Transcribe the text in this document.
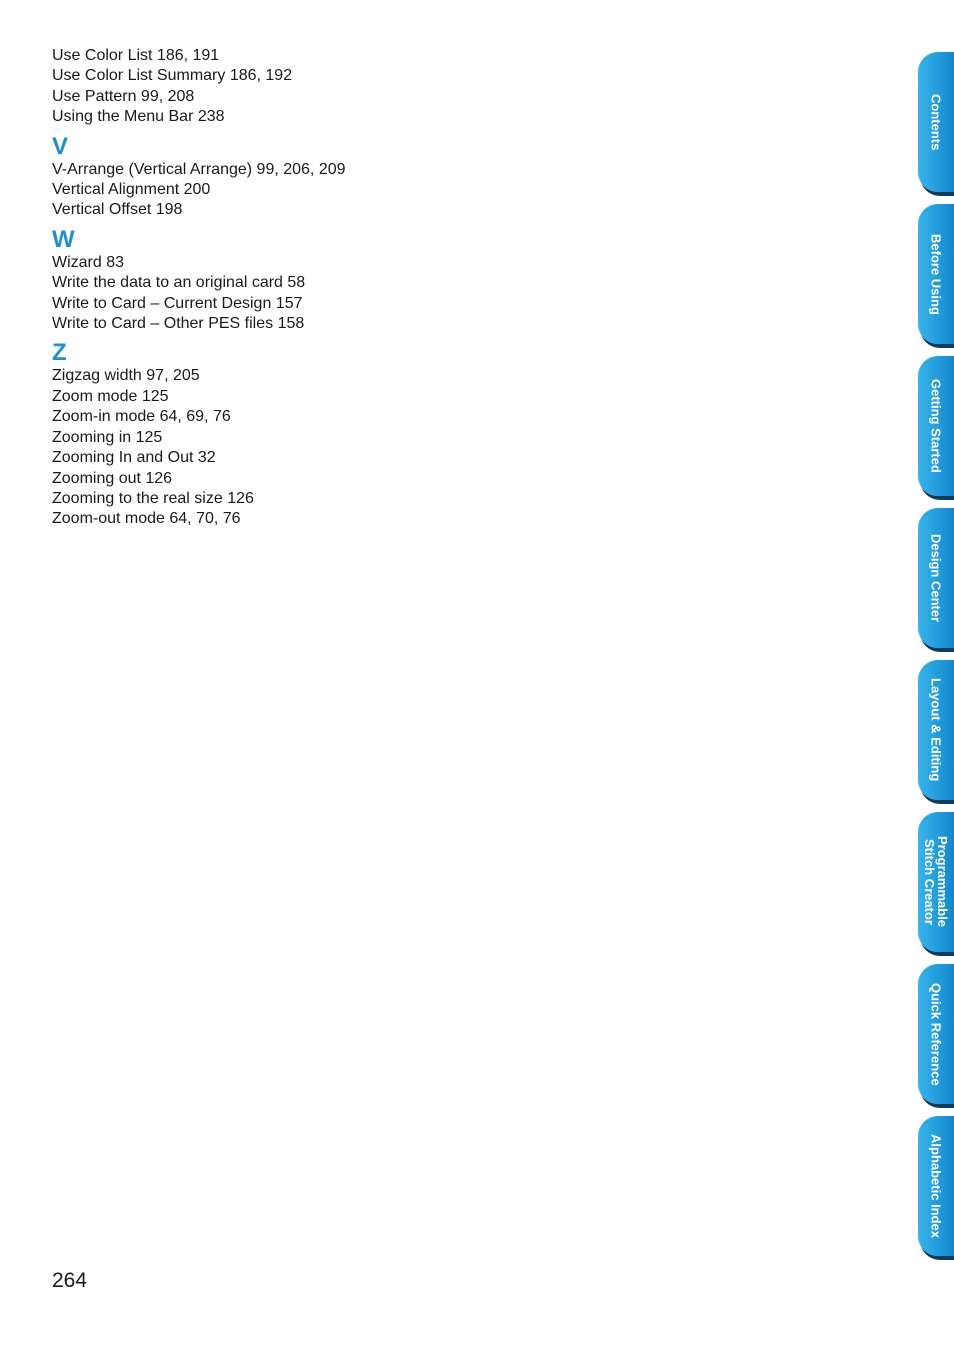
Use Color List 186, 191

Use Color List Summary 186, 192

Use Pattern 99, 208

Using the Menu Bar 238

V

V-Arrange (Vertical Arrange) 99, 206, 209

Vertical Alignment 200

Vertical Offset 198

W

Wizard 83

Write the data to an original card 58

Write to Card – Current Design 157

Write to Card – Other PES files 158

Z

Zigzag width 97, 205

Zoom mode 125

Zoom-in mode 64, 69, 76

Zooming in 125

Zooming In and Out 32

Zooming out 126

Zooming to the real size 126

Zoom-out mode 64, 70, 76

264
Contents
Before Using
Getting Started
Design Center
Layout & Editing
Programmable
Stitch Creator
Quick Reference
Alphabetic Index
